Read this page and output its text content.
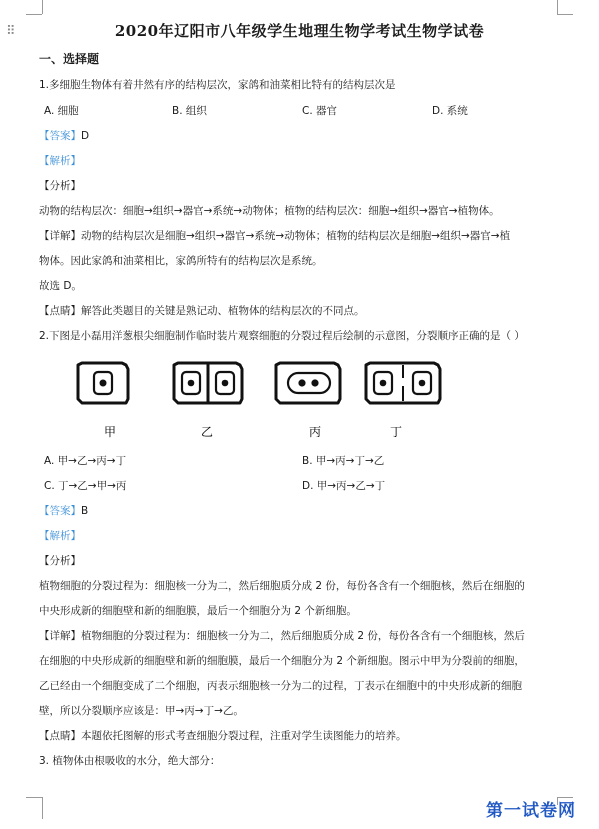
⠿	2020年辽阳市八年级学生地理生物学考试生物学试卷
一、选择题
1.多细胞生物体有着井然有序的结构层次，家鸽和油菜相比特有的结构层次是
A. 细胞	B. 组织	C. 器官	D. 系统
【答案】D
【解析】
【分析】
动物的结构层次：细胞→组织→器官→系统→动物体；植物的结构层次：细胞→组织→器官→植物体。
【详解】动物的结构层次是细胞→组织→器官→系统→动物体；植物的结构层次是细胞→组织→器官→植
物体。因此家鸽和油菜相比，家鸽所特有的结构层次是系统。
故选 D。
【点睛】解答此类题目的关键是熟记动、植物体的结构层次的不同点。
2.下图是小磊用洋葱根尖细胞制作临时装片观察细胞的分裂过程后绘制的示意图，分裂顺序正确的是（ ）
甲	乙	丙	丁
A. 甲→乙→丙→丁	B. 甲→丙→丁→乙
C. 丁→乙→甲→丙	D. 甲→丙→乙→丁
【答案】B
【解析】
【分析】
植物细胞的分裂过程为：细胞核一分为二，然后细胞质分成 2 份，每份各含有一个细胞核，然后在细胞的
中央形成新的细胞壁和新的细胞膜，最后一个细胞分为 2 个新细胞。
【详解】植物细胞的分裂过程为：细胞核一分为二，然后细胞质分成 2 份，每份各含有一个细胞核，然后
在细胞的中央形成新的细胞壁和新的细胞膜，最后一个细胞分为 2 个新细胞。图示中甲为分裂前的细胞，
乙已经由一个细胞变成了二个细胞，丙表示细胞核一分为二的过程，丁表示在细胞中的中央形成新的细胞
壁，所以分裂顺序应该是：甲→丙→丁→乙。
【点睛】本题依托图解的形式考查细胞分裂过程，注重对学生读图能力的培养。
3. 植物体由根吸收的水分，绝大部分：
第一试卷网
